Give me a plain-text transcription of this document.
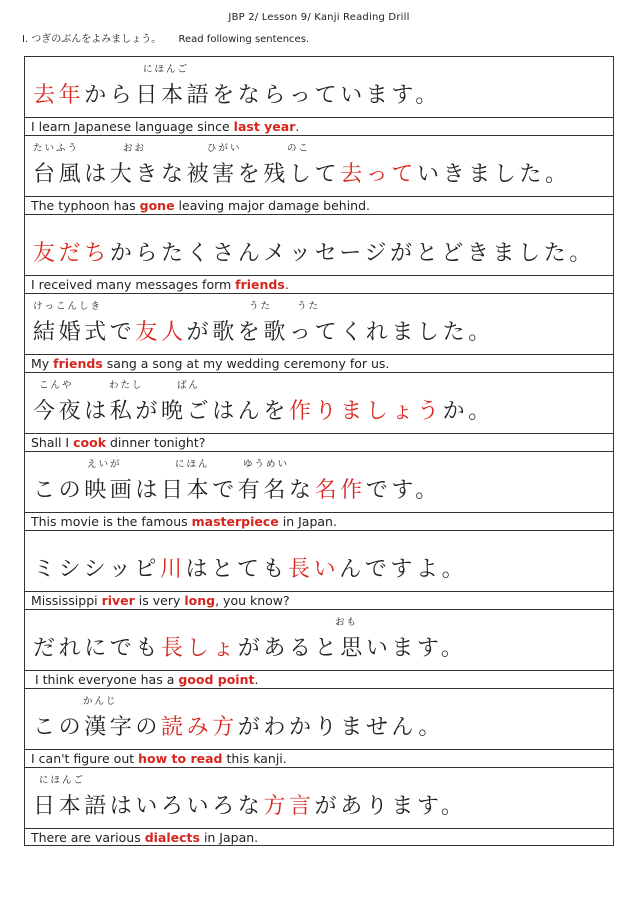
JBP 2/ Lesson 9/ Kanji Reading Drill
Ⅰ. つぎのぶんをよみましょう。 Read following sentences.
にほんご
去年から日本語をならっています。
I learn Japanese language since last year.
たいふう	おお	ひがい	のこ
台風は大きな被害を残して去っていきました。
The typhoon has gone leaving major damage behind.
友だちからたくさんメッセージがとどきました。
I received many messages form friends.
けっこんしき	うた	うた
結婚式で友人が歌を歌ってくれました。
My friends sang a song at my wedding ceremony for us.
こんや	わたし	ばん
今夜は私が晩ごはんを作りましょうか。
Shall I cook dinner tonight?
えいが	にほん	ゆうめい
この映画は日本で有名な名作です。
This movie is the famous masterpiece in Japan.
ミシシッピ川はとても長いんですよ。
Mississippi river is very long, you know?
おも
だれにでも長しょがあると思います。
I think everyone has a good point.
かんじ
この漢字の読み方がわかりません。
I can't figure out how to read this kanji.
にほんご
日本語はいろいろな方言があります。
There are various dialects in Japan.
